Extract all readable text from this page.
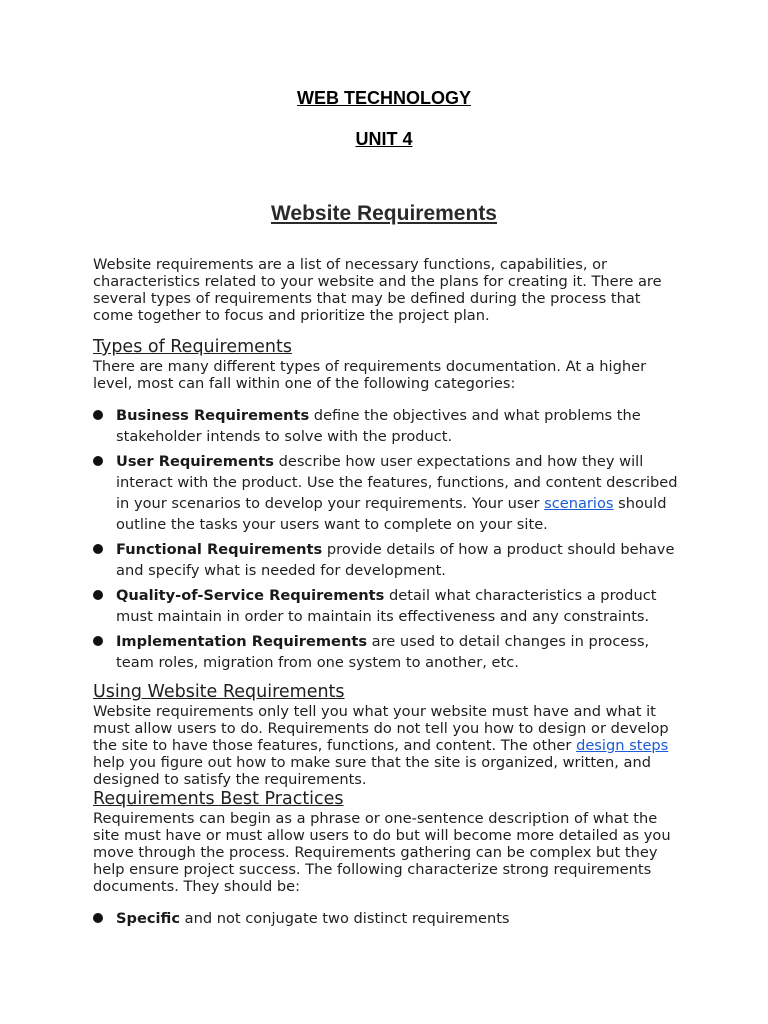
WEB TECHNOLOGY
UNIT 4
Website Requirements

Website requirements are a list of necessary functions, capabilities, or characteristics related to your website and the plans for creating it. There are several types of requirements that may be defined during the process that come together to focus and prioritize the project plan.

Types of Requirements

There are many different types of requirements documentation. At a higher level, most can fall within one of the following categories:

Business Requirements define the objectives and what problems the stakeholder intends to solve with the product.
User Requirements describe how user expectations and how they will interact with the product. Use the features, functions, and content described in your scenarios to develop your requirements. Your user scenarios should outline the tasks your users want to complete on your site.
Functional Requirements provide details of how a product should behave and specify what is needed for development.
Quality-of-Service Requirements detail what characteristics a product must maintain in order to maintain its effectiveness and any constraints.
Implementation Requirements are used to detail changes in process, team roles, migration from one system to another, etc.
Using Website Requirements

Website requirements only tell you what your website must have and what it must allow users to do. Requirements do not tell you how to design or develop the site to have those features, functions, and content. The other design steps help you figure out how to make sure that the site is organized, written, and designed to satisfy the requirements.

Requirements Best Practices

Requirements can begin as a phrase or one-sentence description of what the site must have or must allow users to do but will become more detailed as you move through the process. Requirements gathering can be complex but they help ensure project success. The following characterize strong requirements documents. They should be:

Specific and not conjugate two distinct requirements
